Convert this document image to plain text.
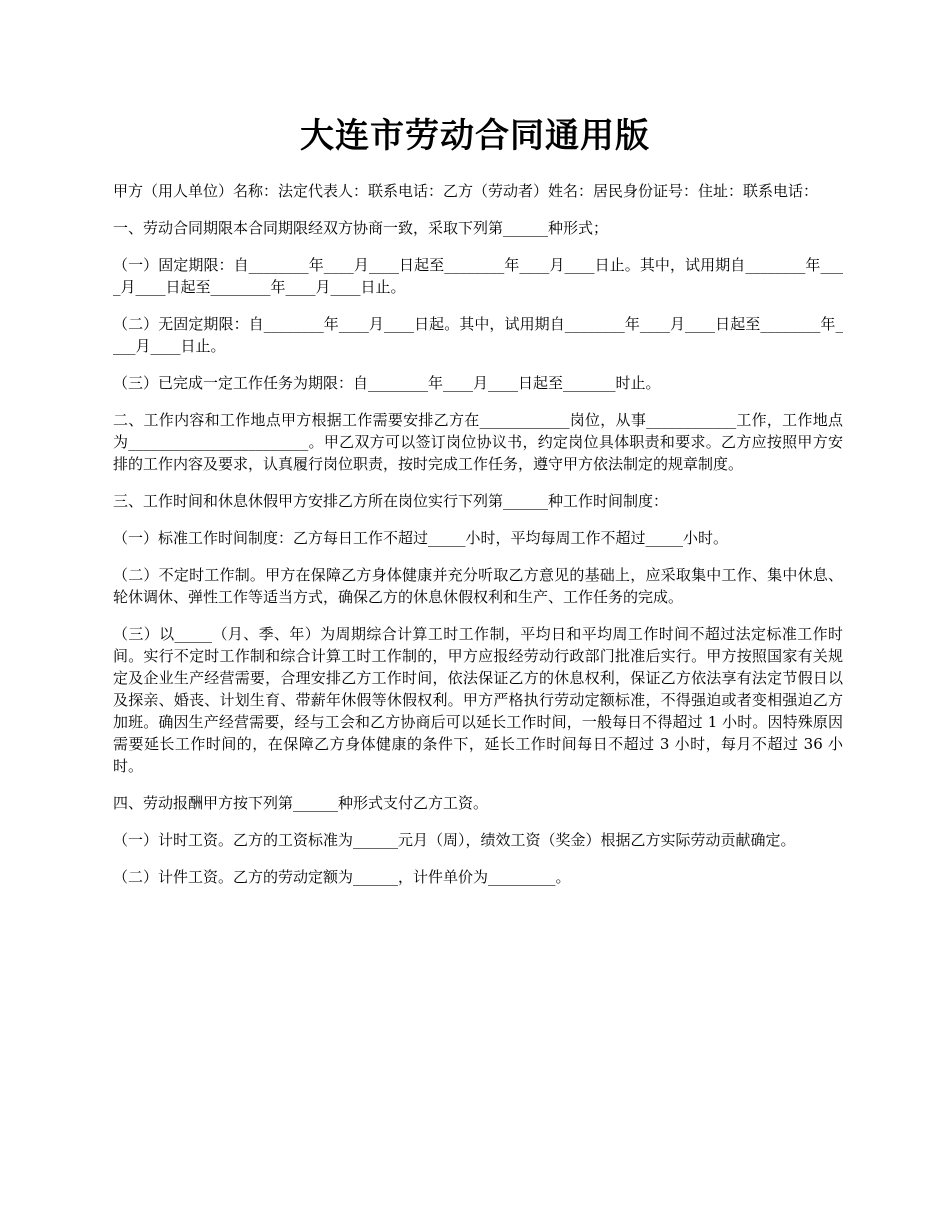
大连市劳动合同通用版

甲方（用人单位）名称：法定代表人：联系电话：乙方（劳动者）姓名：居民身份证号：住址：联系电话：

一、劳动合同期限本合同期限经双方协商一致，采取下列第______种形式；

（一）固定期限：自________年____月____日起至________年____月____日止。其中，试用期自________年____月____日起至________年____月____日止。

（二）无固定期限：自________年____月____日起。其中，试用期自________年____月____日起至________年____月____日止。

（三）已完成一定工作任务为期限：自________年____月____日起至_______时止。

二、工作内容和工作地点甲方根据工作需要安排乙方在____________岗位，从事____________工作，工作地点为________________________。甲乙双方可以签订岗位协议书，约定岗位具体职责和要求。乙方应按照甲方安排的工作内容及要求，认真履行岗位职责，按时完成工作任务，遵守甲方依法制定的规章制度。

三、工作时间和休息休假甲方安排乙方所在岗位实行下列第______种工作时间制度：

（一）标准工作时间制度：乙方每日工作不超过_____小时，平均每周工作不超过_____小时。

（二）不定时工作制。甲方在保障乙方身体健康并充分听取乙方意见的基础上，应采取集中工作、集中休息、轮休调休、弹性工作等适当方式，确保乙方的休息休假权利和生产、工作任务的完成。

（三）以_____（月、季、年）为周期综合计算工时工作制，平均日和平均周工作时间不超过法定标准工作时间。实行不定时工作制和综合计算工时工作制的，甲方应报经劳动行政部门批准后实行。甲方按照国家有关规定及企业生产经营需要，合理安排乙方工作时间，依法保证乙方的休息权利，保证乙方依法享有法定节假日以及探亲、婚丧、计划生育、带薪年休假等休假权利。甲方严格执行劳动定额标准，不得强迫或者变相强迫乙方加班。确因生产经营需要，经与工会和乙方协商后可以延长工作时间，一般每日不得超过 1 小时。因特殊原因需要延长工作时间的，在保障乙方身体健康的条件下，延长工作时间每日不超过 3 小时，每月不超过 36 小时。

四、劳动报酬甲方按下列第______种形式支付乙方工资。

（一）计时工资。乙方的工资标准为______元月（周），绩效工资（奖金）根据乙方实际劳动贡献确定。

（二）计件工资。乙方的劳动定额为______，计件单价为_________。
